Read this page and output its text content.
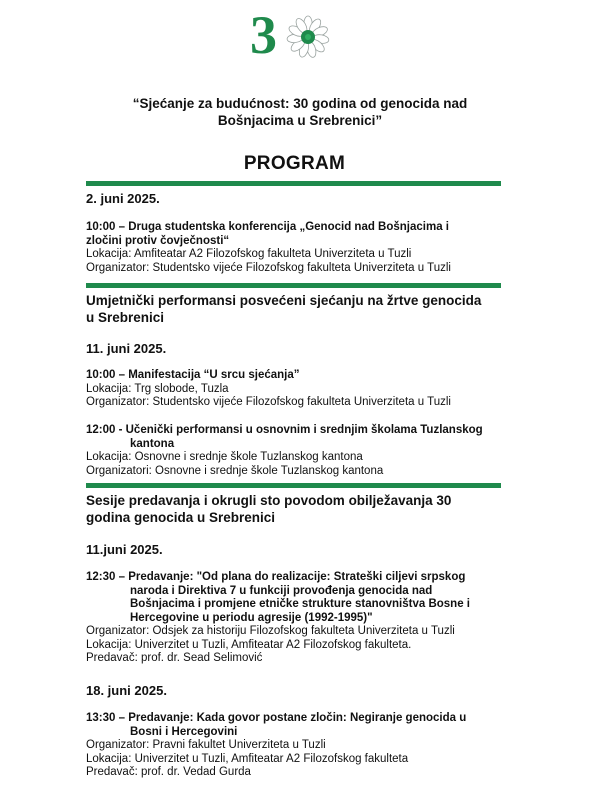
3
“Sjećanje za budućnost: 30 godina od genocida nad
Bošnjacima u Srebrenici”
PROGRAM
2. juni 2025.
10:00 – Druga studentska konferencija „Genocid nad Bošnjacima i
zločini protiv čovječnosti“
Lokacija: Amfiteatar A2 Filozofskog fakulteta Univerziteta u Tuzli
Organizator: Studentsko vijeće Filozofskog fakulteta Univerziteta u Tuzli
Umjetnički performansi posvećeni sjećanju na žrtve genocida
u Srebrenici
11. juni 2025.
10:00 – Manifestacija “U srcu sjećanja”
Lokacija: Trg slobode, Tuzla
Organizator: Studentsko vijeće Filozofskog fakulteta Univerziteta u Tuzli
12:00 - Učenički performansi u osnovnim i srednjim školama Tuzlanskog
kantona
Lokacija: Osnovne i srednje škole Tuzlanskog kantona
Organizatori: Osnovne i srednje škole Tuzlanskog kantona
Sesije predavanja i okrugli sto povodom obilježavanja 30
godina genocida u Srebrenici
11.juni 2025.
12:30 – Predavanje: "Od plana do realizacije: Strateški ciljevi srpskog
naroda i Direktiva 7 u funkciji provođenja genocida nad
Bošnjacima i promjene etničke strukture stanovništva Bosne i
Hercegovine u periodu agresije (1992-1995)"
Organizator: Odsjek za historiju Filozofskog fakulteta Univerziteta u Tuzli
Lokacija: Univerzitet u Tuzli, Amfiteatar A2 Filozofskog fakulteta.
Predavač: prof. dr. Sead Selimović
18. juni 2025.
13:30 – Predavanje: Kada govor postane zločin: Negiranje genocida u
Bosni i Hercegovini
Organizator: Pravni fakultet Univerziteta u Tuzli
Lokacija: Univerzitet u Tuzli, Amfiteatar A2 Filozofskog fakulteta
Predavač: prof. dr. Vedad Gurda
